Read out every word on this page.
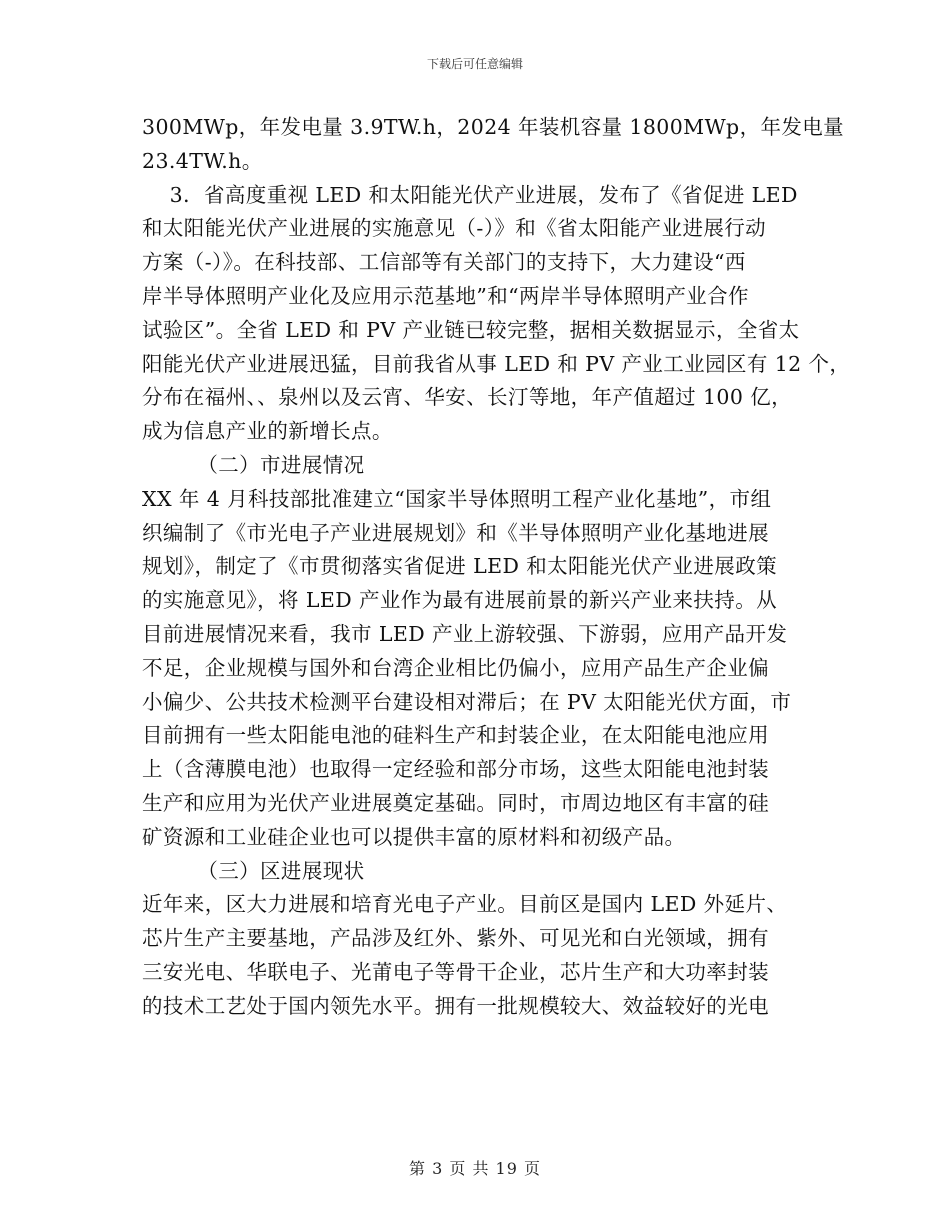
下载后可任意编辑
300MWp，年发电量 3.9TW.h，2024 年装机容量 1800MWp，年发电量
23.4TW.h。
3．省高度重视 LED 和太阳能光伏产业进展，发布了《省促进 LED
和太阳能光伏产业进展的实施意见（-）》和《省太阳能产业进展行动
方案（-）》。在科技部、工信部等有关部门的支持下，大力建设“西
岸半导体照明产业化及应用示范基地”和“两岸半导体照明产业合作
试验区”。全省 LED 和 PV 产业链已较完整，据相关数据显示，全省太
阳能光伏产业进展迅猛，目前我省从事 LED 和 PV 产业工业园区有 12 个，
分布在福州、、泉州以及云宵、华安、长汀等地，年产值超过 100 亿，
成为信息产业的新增长点。
（二）市进展情况
XX 年 4 月科技部批准建立“国家半导体照明工程产业化基地”，市组
织编制了《市光电子产业进展规划》和《半导体照明产业化基地进展
规划》，制定了《市贯彻落实省促进 LED 和太阳能光伏产业进展政策
的实施意见》，将 LED 产业作为最有进展前景的新兴产业来扶持。从
目前进展情况来看，我市 LED 产业上游较强、下游弱，应用产品开发
不足，企业规模与国外和台湾企业相比仍偏小，应用产品生产企业偏
小偏少、公共技术检测平台建设相对滞后；在 PV 太阳能光伏方面，市
目前拥有一些太阳能电池的硅料生产和封装企业，在太阳能电池应用
上（含薄膜电池）也取得一定经验和部分市场，这些太阳能电池封装
生产和应用为光伏产业进展奠定基础。同时，市周边地区有丰富的硅
矿资源和工业硅企业也可以提供丰富的原材料和初级产品。
（三）区进展现状
近年来，区大力进展和培育光电子产业。目前区是国内 LED 外延片、
芯片生产主要基地，产品涉及红外、紫外、可见光和白光领域，拥有
三安光电、华联电子、光莆电子等骨干企业，芯片生产和大功率封装
的技术工艺处于国内领先水平。拥有一批规模较大、效益较好的光电
第 3 页 共 19 页
